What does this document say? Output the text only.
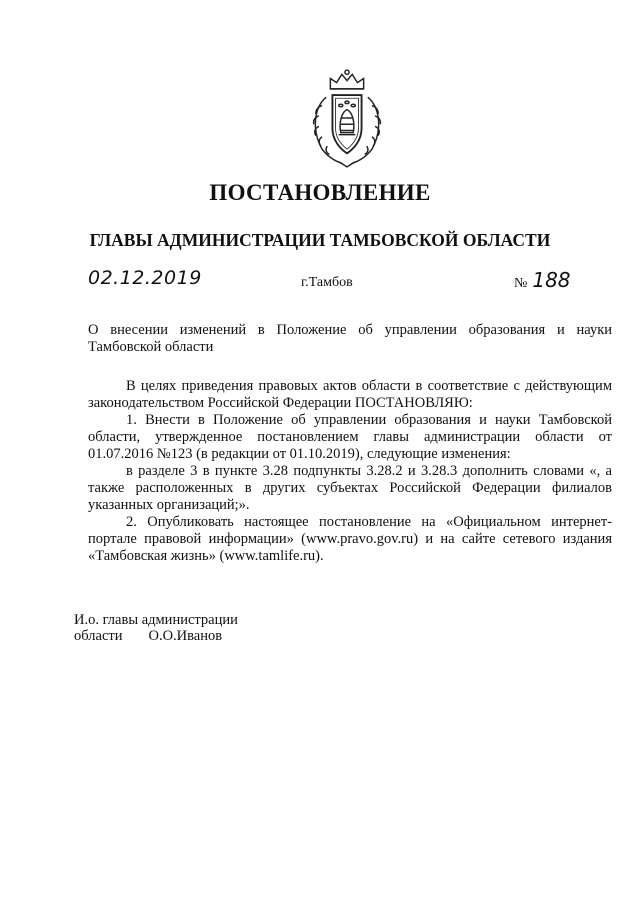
ПОСТАНОВЛЕНИЕ
ГЛАВЫ АДМИНИСТРАЦИИ ТАМБОВСКОЙ ОБЛАСТИ
02.12.2019	г.Тамбов	№ 188

О внесении изменений в Положение об управлении образования и науки Тамбовской области

В целях приведения правовых актов области в соответствие с действующим законодательством Российской Федерации ПОСТАНОВЛЯЮ:

1. Внести в Положение об управлении образования и науки Тамбовской области, утвержденное постановлением главы администрации области от 01.07.2016 №123 (в редакции от 01.10.2019), следующие изменения:

в разделе 3 в пункте 3.28 подпункты 3.28.2 и 3.28.3 дополнить словами «, а также расположенных в других субъектах Российской Федерации филиалов указанных организаций;».

2. Опубликовать настоящее постановление на «Официальном интернет-портале правовой информации» (www.pravo.gov.ru) и на сайте сетевого издания «Тамбовская жизнь» (www.tamlife.ru).

И.о. главы администрации
области О.О.Иванов
